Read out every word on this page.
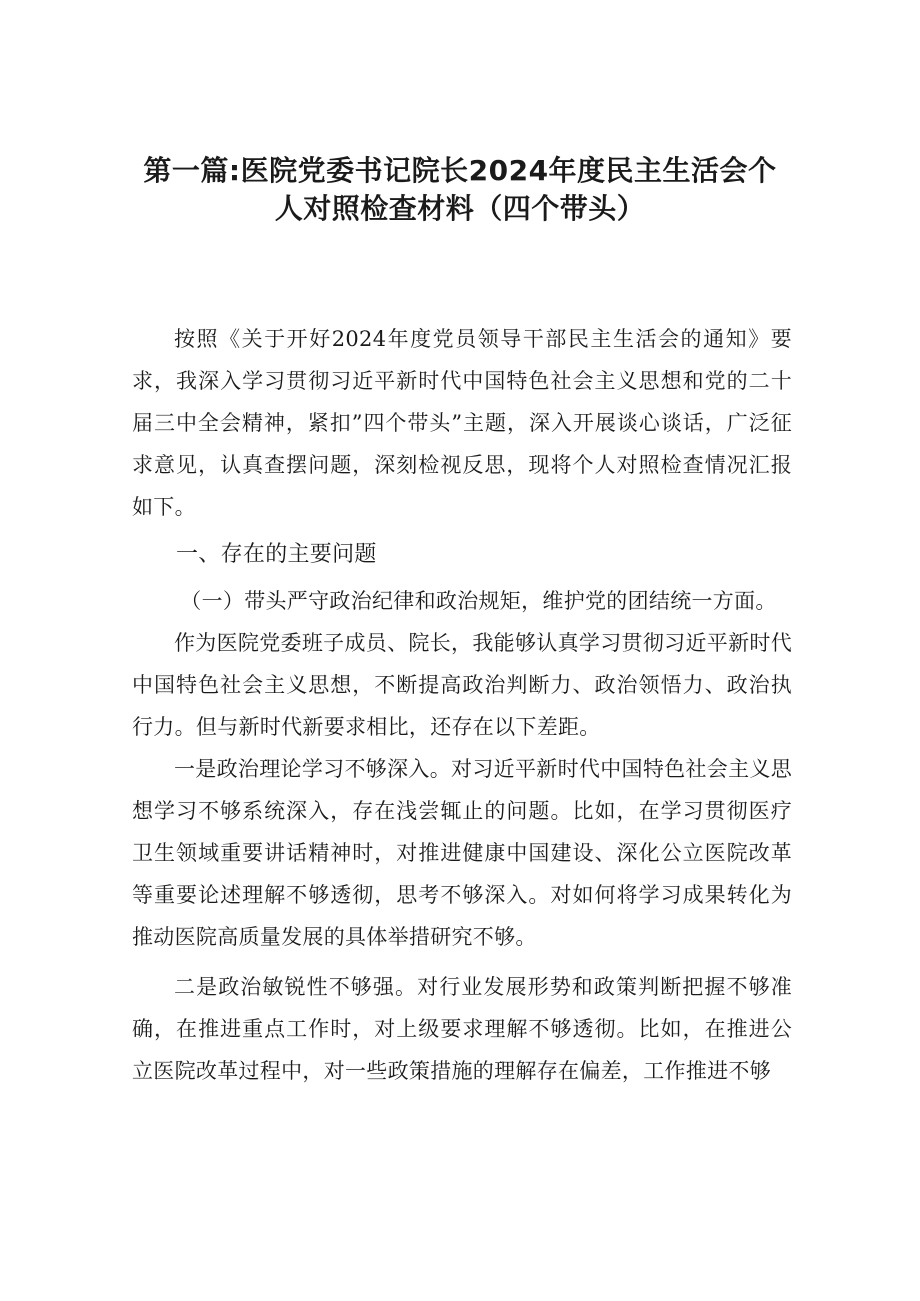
第一篇:医院党委书记院长2024年度民主生活会个
人对照检查材料（四个带头）

按照《关于开好2024年度党员领导干部民主生活会的通知》要求，我深入学习贯彻习近平新时代中国特色社会主义思想和党的二十届三中全会精神，紧扣”四个带头”主题，深入开展谈心谈话，广泛征求意见，认真查摆问题，深刻检视反思，现将个人对照检查情况汇报如下。

一、存在的主要问题

（一）带头严守政治纪律和政治规矩，维护党的团结统一方面。

作为医院党委班子成员、院长，我能够认真学习贯彻习近平新时代中国特色社会主义思想，不断提高政治判断力、政治领悟力、政治执行力。但与新时代新要求相比，还存在以下差距。

一是政治理论学习不够深入。对习近平新时代中国特色社会主义思想学习不够系统深入，存在浅尝辄止的问题。比如，在学习贯彻医疗卫生领域重要讲话精神时，对推进健康中国建设、深化公立医院改革等重要论述理解不够透彻，思考不够深入。对如何将学习成果转化为推动医院高质量发展的具体举措研究不够。

二是政治敏锐性不够强。对行业发展形势和政策判断把握不够准确，在推进重点工作时，对上级要求理解不够透彻。比如，在推进公立医院改革过程中，对一些政策措施的理解存在偏差，工作推进不够
